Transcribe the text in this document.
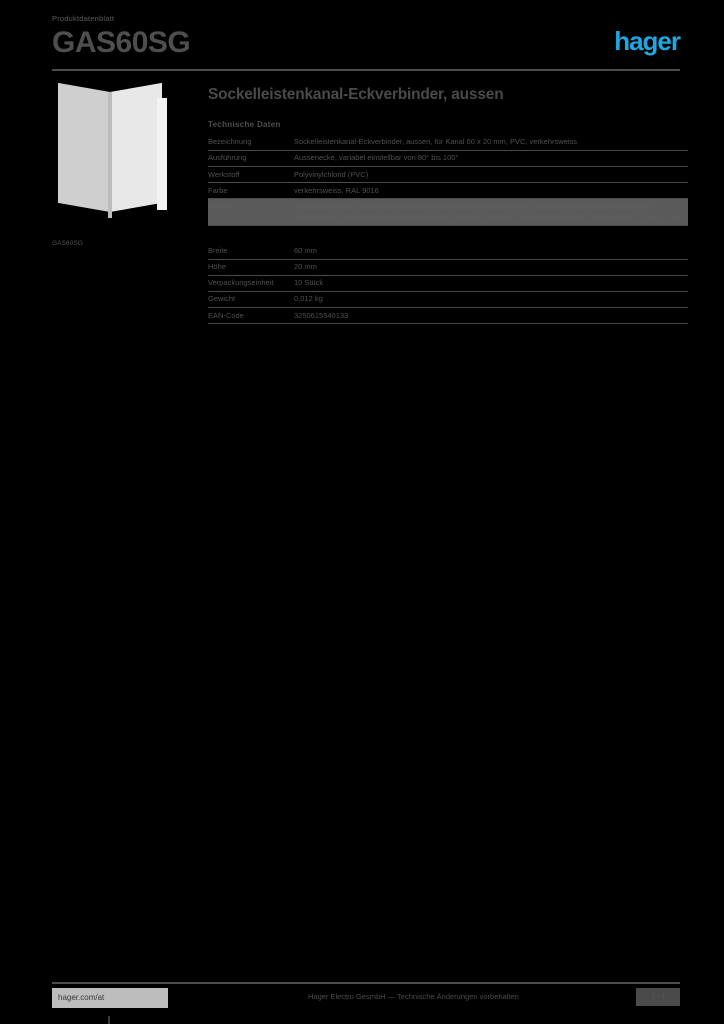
Produktdatenblatt
GAS60SG	hager
GAS60SG
Sockelleistenkanal-Eckverbinder, aussen
Technische Daten
Bezeichnung	Sockelleistenkanal-Eckverbinder, aussen, für Kanal 60 x 20 mm, PVC, verkehrsweiss
Ausführung	Aussenecke, variabel einstellbar von 80° bis 100°
Werkstoff	Polyvinylchlorid (PVC)
Farbe	verkehrsweiss, RAL 9016
Hinweis	Der Eckverbinder wird auf den Kanaloberteil aufgeklipst und deckt den Stossbereich der beiden Kanalenden vollständig ab. Die Montage erfolgt werkzeuglos. Passend zu allen Sockelleistenkanälen der Baureihe SL 60 x 20 mm.

Breite	60 mm
Höhe	20 mm
Verpackungseinheit	10 Stück
Gewicht	0,012 kg
EAN-Code	3250615540133
hager.com/at	Hager Electro GesmbH — Technische Änderungen vorbehalten	1 / 1
